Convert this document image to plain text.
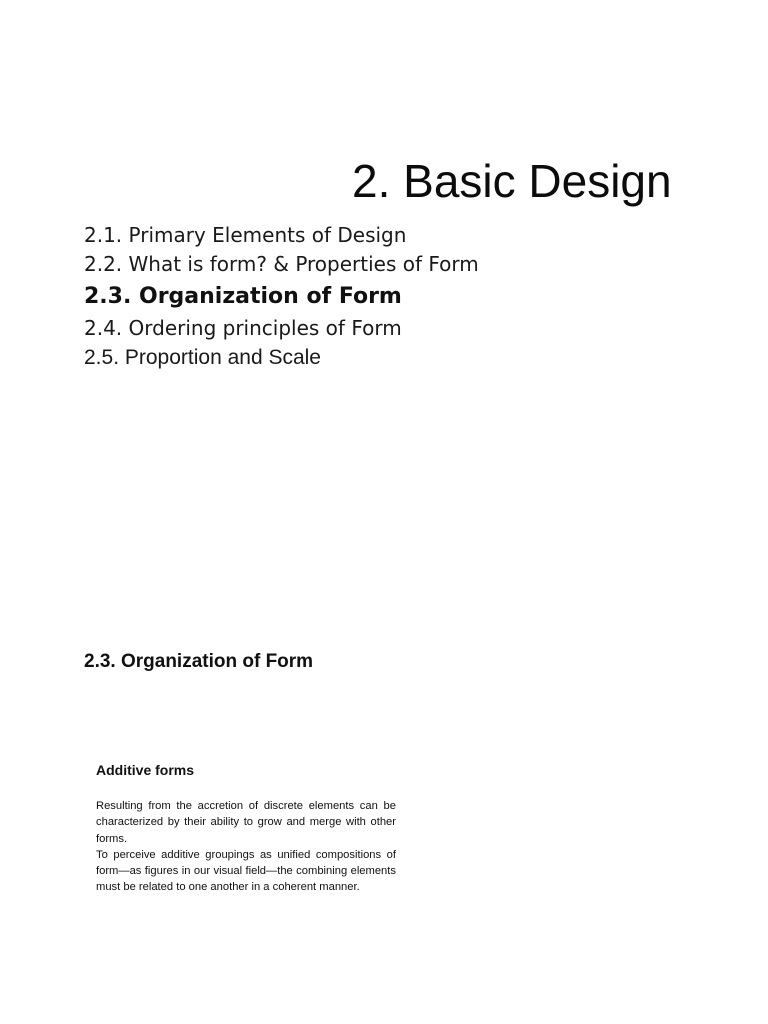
2. Basic Design
2.1. Primary Elements of Design
2.2. What is form? & Properties of Form
2.3. Organization of Form
2.4. Ordering principles of Form
2.5. Proportion and Scale
2.3. Organization of Form
Additive forms

Resulting from the accretion of discrete elements can be characterized by their ability to grow and merge with other forms.

To perceive additive groupings as unified compositions of form—as figures in our visual field—the combining elements must be related to one another in a coherent manner.
